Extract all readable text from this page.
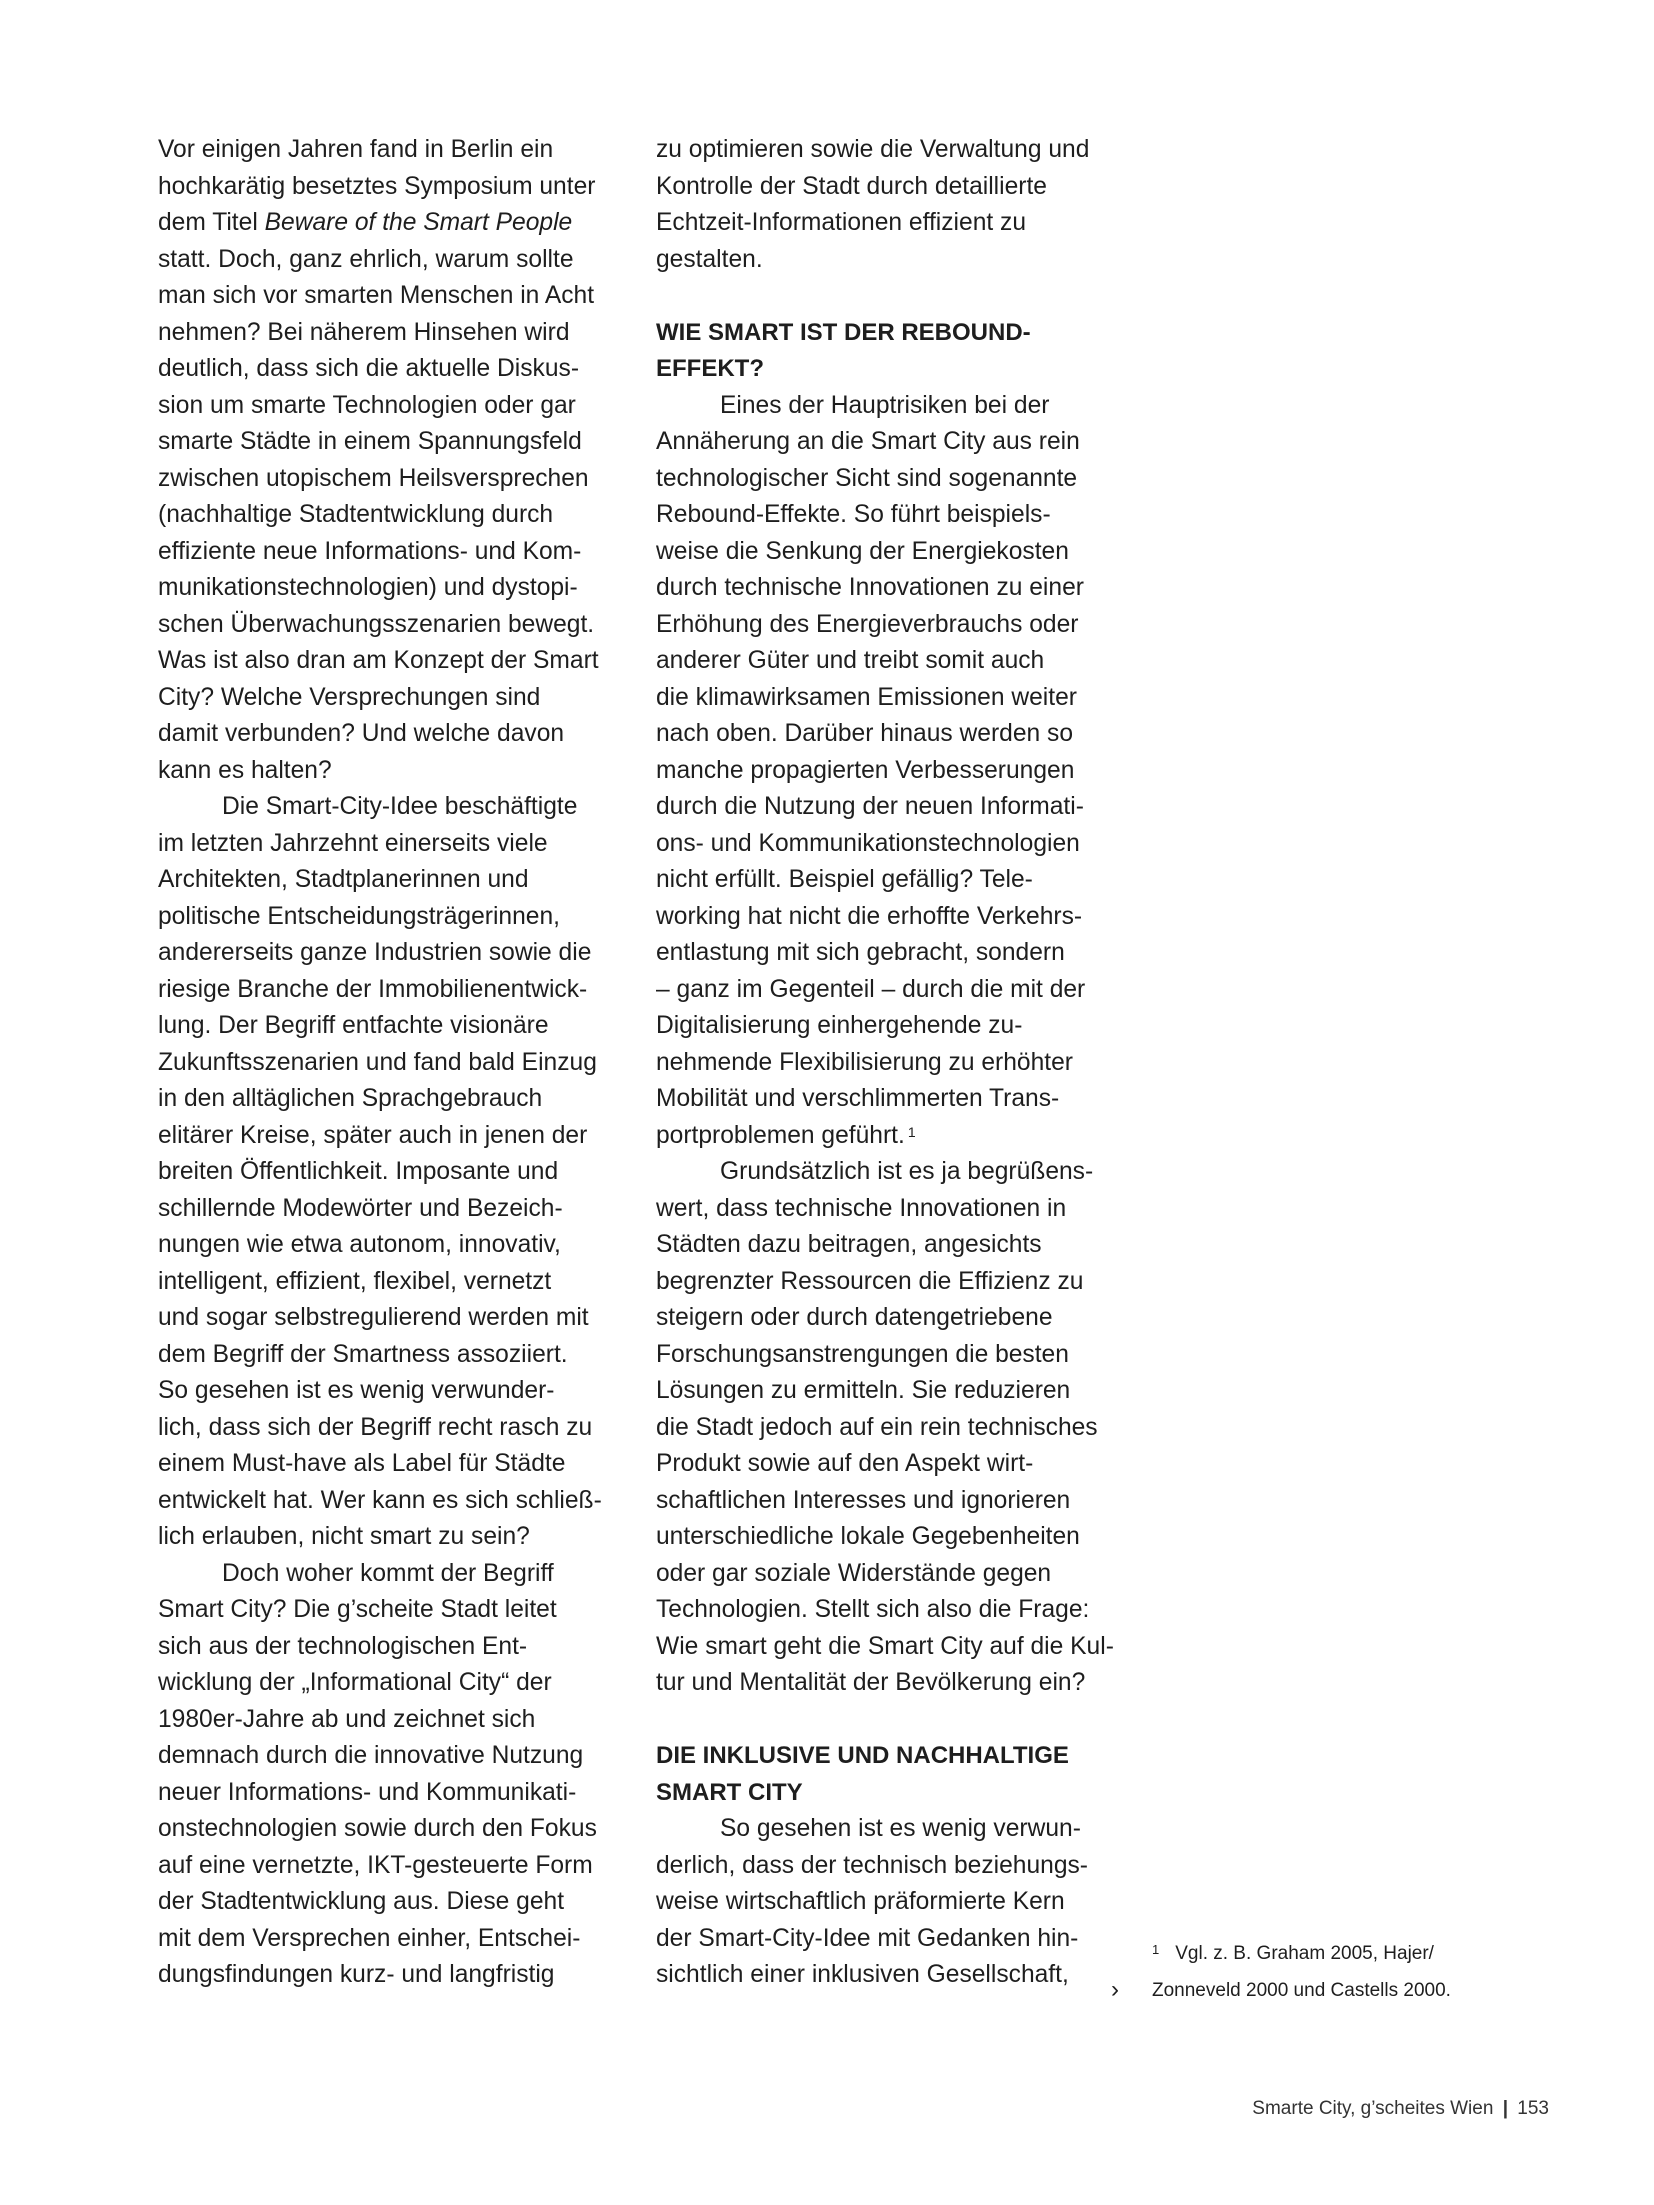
Vor einigen Jahren fand in Berlin ein
hochkarätig besetztes Symposium unter
dem Titel Beware of the Smart People
statt. Doch, ganz ehrlich, warum sollte
man sich vor smarten Menschen in Acht
nehmen? Bei näherem Hinsehen wird
deutlich, dass sich die aktuelle Diskus-
sion um smarte Technologien oder gar
smarte Städte in einem Spannungsfeld
zwischen utopischem Heilsversprechen
(nachhaltige Stadtentwicklung durch
effiziente neue Informations- und Kom-
munikationstechnologien) und dystopi-
schen Überwachungsszenarien bewegt.
Was ist also dran am Konzept der Smart
City? Welche Versprechungen sind
damit verbunden? Und welche davon
kann es halten?
Die Smart-City-Idee beschäftigte
im letzten Jahrzehnt einerseits viele
Architekten, Stadtplanerinnen und
politische Entscheidungsträgerinnen,
andererseits ganze Industrien sowie die
riesige Branche der Immobilienentwick-
lung. Der Begriff entfachte visionäre
Zukunftsszenarien und fand bald Einzug
in den alltäglichen Sprachgebrauch
elitärer Kreise, später auch in jenen der
breiten Öffentlichkeit. Imposante und
schillernde Modewörter und Bezeich-
nungen wie etwa autonom, innovativ,
intelligent, effizient, flexibel, vernetzt
und sogar selbstregulierend werden mit
dem Begriff der Smartness assoziiert.
So gesehen ist es wenig verwunder-
lich, dass sich der Begriff recht rasch zu
einem Must-have als Label für Städte
entwickelt hat. Wer kann es sich schließ-
lich erlauben, nicht smart zu sein?
Doch woher kommt der Begriff
Smart City? Die g’scheite Stadt leitet
sich aus der technologischen Ent-
wicklung der „Informational City“ der
1980er-Jahre ab und zeichnet sich
demnach durch die innovative Nutzung
neuer Informations- und Kommunikati-
onstechnologien sowie durch den Fokus
auf eine vernetzte, IKT-gesteuerte Form
der Stadtentwicklung aus. Diese geht
mit dem Versprechen einher, Entschei-
dungsfindungen kurz- und langfristig
zu optimieren sowie die Verwaltung und
Kontrolle der Stadt durch detaillierte
Echtzeit-Informationen effizient zu
gestalten.
WIE SMART IST DER REBOUND-
EFFEKT?
Eines der Hauptrisiken bei der
Annäherung an die Smart City aus rein
technologischer Sicht sind sogenannte
Rebound-Effekte. So führt beispiels-
weise die Senkung der Energiekosten
durch technische Innovationen zu einer
Erhöhung des Energieverbrauchs oder
anderer Güter und treibt somit auch
die klimawirksamen Emissionen weiter
nach oben. Darüber hinaus werden so
manche propagierten Verbesserungen
durch die Nutzung der neuen Informati-
ons- und Kommunikationstechnologien
nicht erfüllt. Beispiel gefällig? Tele-
working hat nicht die erhoffte Verkehrs-
entlastung mit sich gebracht, sondern
– ganz im Gegenteil – durch die mit der
Digitalisierung einhergehende zu-
nehmende Flexibilisierung zu erhöhter
Mobilität und verschlimmerten Trans-
portproblemen geführt. $^1$
Grundsätzlich ist es ja begrüßens-
wert, dass technische Innovationen in
Städten dazu beitragen, angesichts
begrenzter Ressourcen die Effizienz zu
steigern oder durch datengetriebene
Forschungsanstrengungen die besten
Lösungen zu ermitteln. Sie reduzieren
die Stadt jedoch auf ein rein technisches
Produkt sowie auf den Aspekt wirt-
schaftlichen Interesses und ignorieren
unterschiedliche lokale Gegebenheiten
oder gar soziale Widerstände gegen
Technologien. Stellt sich also die Frage:
Wie smart geht die Smart City auf die Kul-
tur und Mentalität der Bevölkerung ein?
DIE INKLUSIVE UND NACHHALTIGE
SMART CITY
So gesehen ist es wenig verwun-
derlich, dass der technisch beziehungs-
weise wirtschaftlich präformierte Kern
der Smart-City-Idee mit Gedanken hin-
sichtlich einer inklusiven Gesellschaft,
›
$^1$ Vgl. z. B. Graham 2005, Hajer/
Zonneveld 2000 und Castells 2000.
Smarte City, g’scheites Wien | 153
